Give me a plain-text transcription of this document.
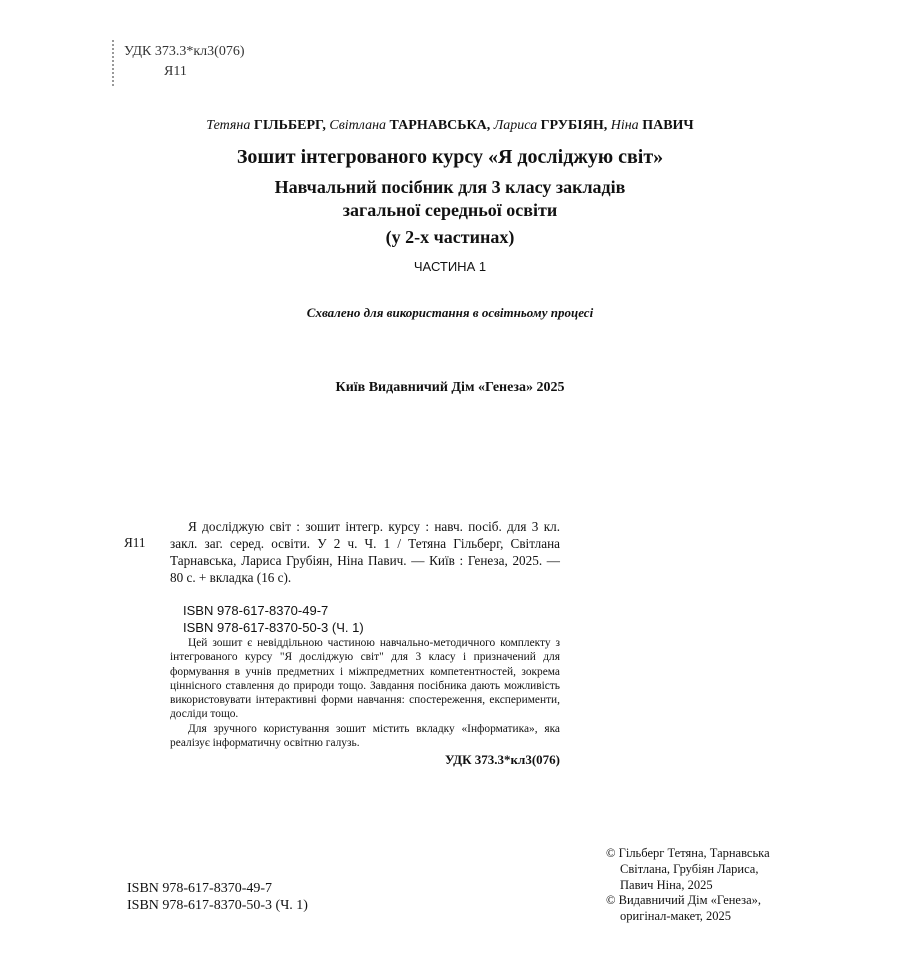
УДК 373.3*кл3(076)
Я11
Тетяна ГІЛЬБЕРГ, Світлана ТАРНАВСЬКА, Лариса ГРУБІЯН, Ніна ПАВИЧ
Зошит інтегрованого курсу «Я досліджую світ»
Навчальний посібник для 3 класу закладів
загальної середньої освіти
(у 2-х частинах)
ЧАСТИНА 1
Схвалено для використання в освітньому процесі
Київ Видавничий Дім «Генеза» 2025
Я11
Я досліджую світ : зошит інтегр. курсу : навч. посіб. для 3 кл. закл. заг. серед. освіти. У 2 ч. Ч. 1 / Тетяна Гільберг, Світлана Тарнавська, Лариса Грубіян, Ніна Павич. — Київ : Генеза, 2025. — 80 с. + вкладка (16 с).
ISBN 978-617-8370-49-7
ISBN 978-617-8370-50-3 (Ч. 1)

Цей зошит є невіддільною частиною навчально-методичного комплекту з інтегрованого курсу "Я досліджую світ" для 3 класу і призначений для формування в учнів предметних і міжпредметних компетентностей, зокрема ціннісного ставлення до природи тощо. Завдання посібника дають можливість використовувати інтерактивні форми навчання: спостереження, експерименти, досліди тощо.

Для зручного користування зошит містить вкладку «Інформатика», яка реалізує інформатичну освітню галузь.

УДК 373.3*кл3(076)
ISBN 978-617-8370-49-7
ISBN 978-617-8370-50-3 (Ч. 1)
© Гільберг Тетяна, Тарнавська
Світлана, Грубіян Лариса,
Павич Ніна, 2025
© Видавничий Дім «Генеза»,
оригінал-макет, 2025
